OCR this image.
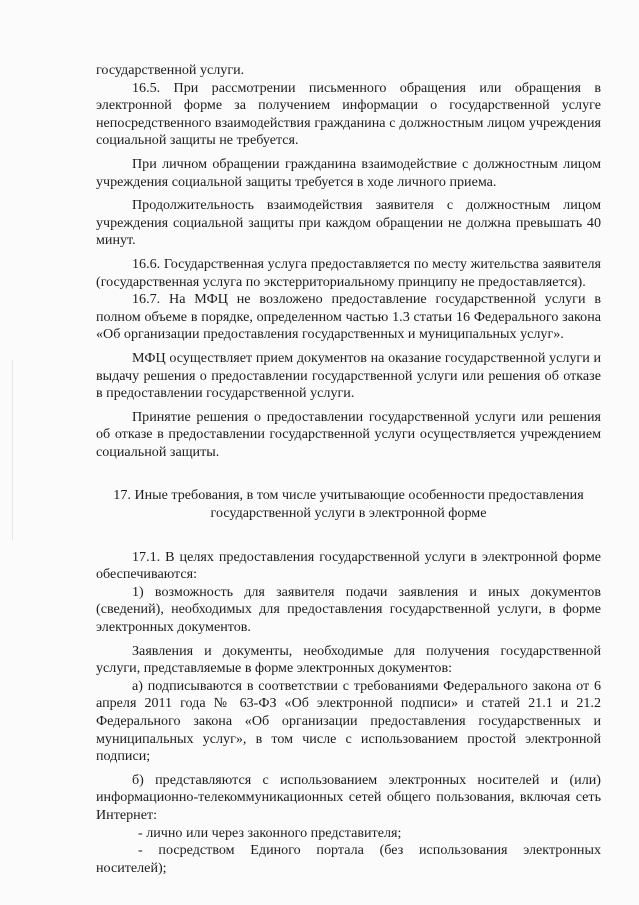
государственной услуги.

16.5. При рассмотрении письменного обращения или обращения в электронной форме за получением информации о государственной услуге непосредственного взаимодействия гражданина с должностным лицом учреждения социальной защиты не требуется.

При личном обращении гражданина взаимодействие с должностным лицом учреждения социальной защиты требуется в ходе личного приема.

Продолжительность взаимодействия заявителя с должностным лицом учреждения социальной защиты при каждом обращении не должна превышать 40 минут.

16.6. Государственная услуга предоставляется по месту жительства заявителя (государственная услуга по экстерриториальному принципу не предоставляется).

16.7. На МФЦ не возложено предоставление государственной услуги в полном объеме в порядке, определенном частью 1.3 статьи 16 Федерального закона «Об организации предоставления государственных и муниципальных услуг».

МФЦ осуществляет прием документов на оказание государственной услуги и выдачу решения о предоставлении государственной услуги или решения об отказе в предоставлении государственной услуги.

Принятие решения о предоставлении государственной услуги или решения об отказе в предоставлении государственной услуги осуществляется учреждением социальной защиты.

17. Иные требования, в том числе учитывающие особенности предоставления государственной услуги в электронной форме

17.1. В целях предоставления государственной услуги в электронной форме обеспечиваются:

1) возможность для заявителя подачи заявления и иных документов (сведений), необходимых для предоставления государственной услуги, в форме электронных документов.

Заявления и документы, необходимые для получения государственной услуги, представляемые в форме электронных документов:

а) подписываются в соответствии с требованиями Федерального закона от 6 апреля 2011 года № 63-ФЗ «Об электронной подписи» и статей 21.1 и 21.2 Федерального закона «Об организации предоставления государственных и муниципальных услуг», в том числе с использованием простой электронной подписи;

б) представляются с использованием электронных носителей и (или) информационно-телекоммуникационных сетей общего пользования, включая сеть Интернет:

- лично или через законного представителя;

- посредством Единого портала (без использования электронных носителей);
